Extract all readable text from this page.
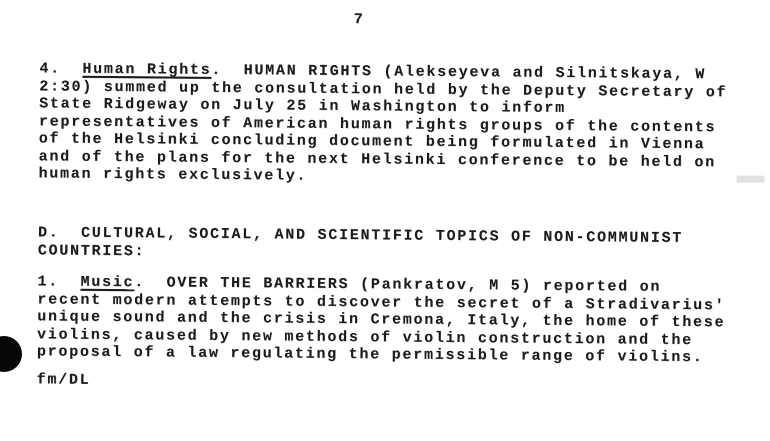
7
4.  Human Rights.  HUMAN RIGHTS (Alekseyeva and Silnitskaya, W
2:30) summed up the consultation held by the Deputy Secretary of
State Ridgeway on July 25 in Washington to inform
representatives of American human rights groups of the contents
of the Helsinki concluding document being formulated in Vienna
and of the plans for the next Helsinki conference to be held on
human rights exclusively.
D.  CULTURAL, SOCIAL, AND SCIENTIFIC TOPICS OF NON-COMMUNIST
COUNTRIES:
1.  Music.  OVER THE BARRIERS (Pankratov, M 5) reported on
recent modern attempts to discover the secret of a Stradivarius'
unique sound and the crisis in Cremona, Italy, the home of these
violins, caused by new methods of violin construction and the
proposal of a law regulating the permissible range of violins.
fm/DL
